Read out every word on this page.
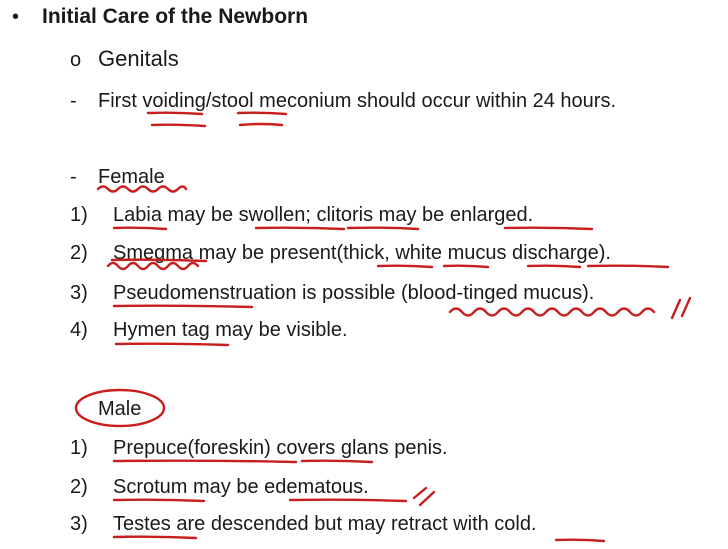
• Initial Care of the Newborn
o Genitals
- First voiding/stool meconium should occur within 24 hours.
- Female
1) Labia may be swollen; clitoris may be enlarged.
2) Smegma may be present(thick, white mucus discharge).
3) Pseudomenstruation is possible (blood-tinged mucus).
4) Hymen tag may be visible.
Male
1) Prepuce(foreskin) covers glans penis.
2) Scrotum may be edematous.
3) Testes are descended but may retract with cold.
